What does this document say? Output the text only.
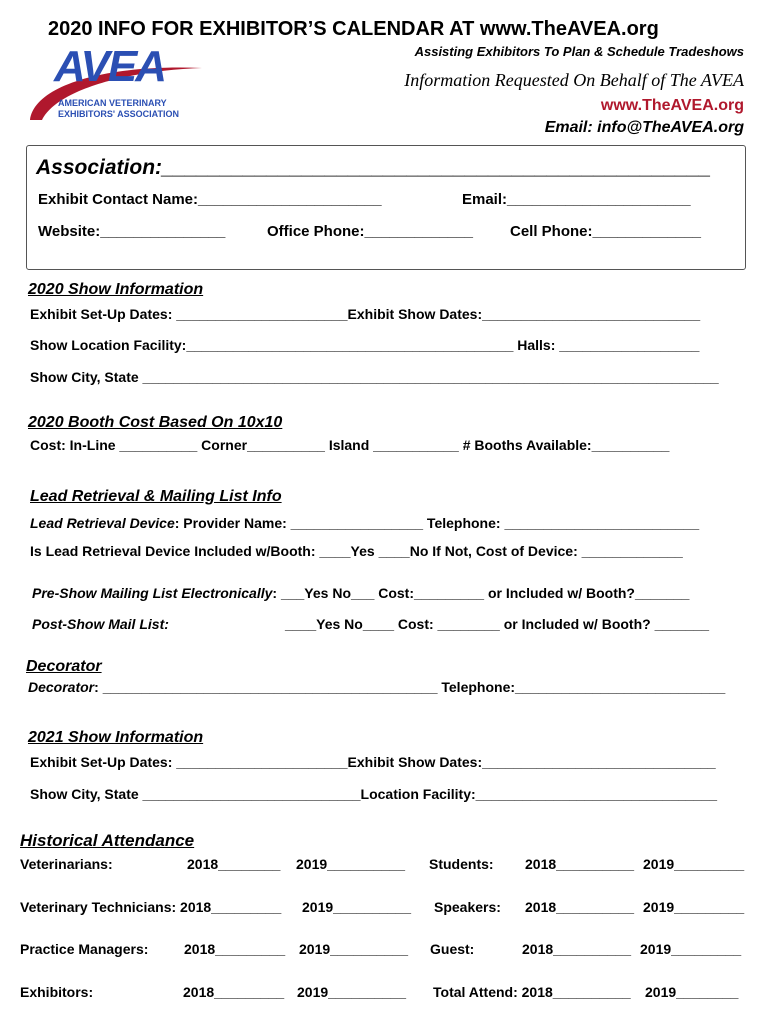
2020 INFO FOR EXHIBITOR’S CALENDAR AT www.TheAVEA.org
AVEA
AMERICAN VETERINARY
EXHIBITORS' ASSOCIATION
Assisting Exhibitors To Plan & Schedule Tradeshows
Information Requested On Behalf of The AVEA
www.TheAVEA.org
Email: info@TheAVEA.org
Association:_______________________________________________
Exhibit Contact Name:______________________	Email:______________________
Website:_______________	Office Phone:_____________ Cell Phone:_____________
2020 Show Information
Exhibit Set-Up Dates: ______________________Exhibit Show Dates:____________________________
Show Location Facility:__________________________________________ Halls: __________________
Show City, State __________________________________________________________________________
2020 Booth Cost Based On 10x10
Cost: In-Line __________ Corner__________ Island ___________ # Booths Available:__________
Lead Retrieval & Mailing List Info
Lead Retrieval Device: Provider Name: _________________ Telephone: _________________________
Is Lead Retrieval Device Included w/Booth: ____Yes ____No If Not, Cost of Device: _____________
Pre-Show Mailing List Electronically: ___Yes No___ Cost:_________ or Included w/ Booth?_______
Post-Show Mail List:	____Yes No____ Cost: ________ or Included w/ Booth? _______
Decorator
Decorator: ___________________________________________ Telephone:___________________________
2021 Show Information
Exhibit Set-Up Dates: ______________________Exhibit Show Dates:______________________________
Show City, State ____________________________Location Facility:_______________________________
Historical Attendance
Veterinarians:	2018________ 2019__________ Students: 2018__________ 2019_________
Veterinary Technicians: 2018_________ 2019__________ Speakers: 2018__________ 2019_________
Practice Managers:	2018_________ 2019__________ Guest:	2018__________ 2019_________
Exhibitors:	2018_________ 2019__________ Total Attend: 2018__________ 2019________
